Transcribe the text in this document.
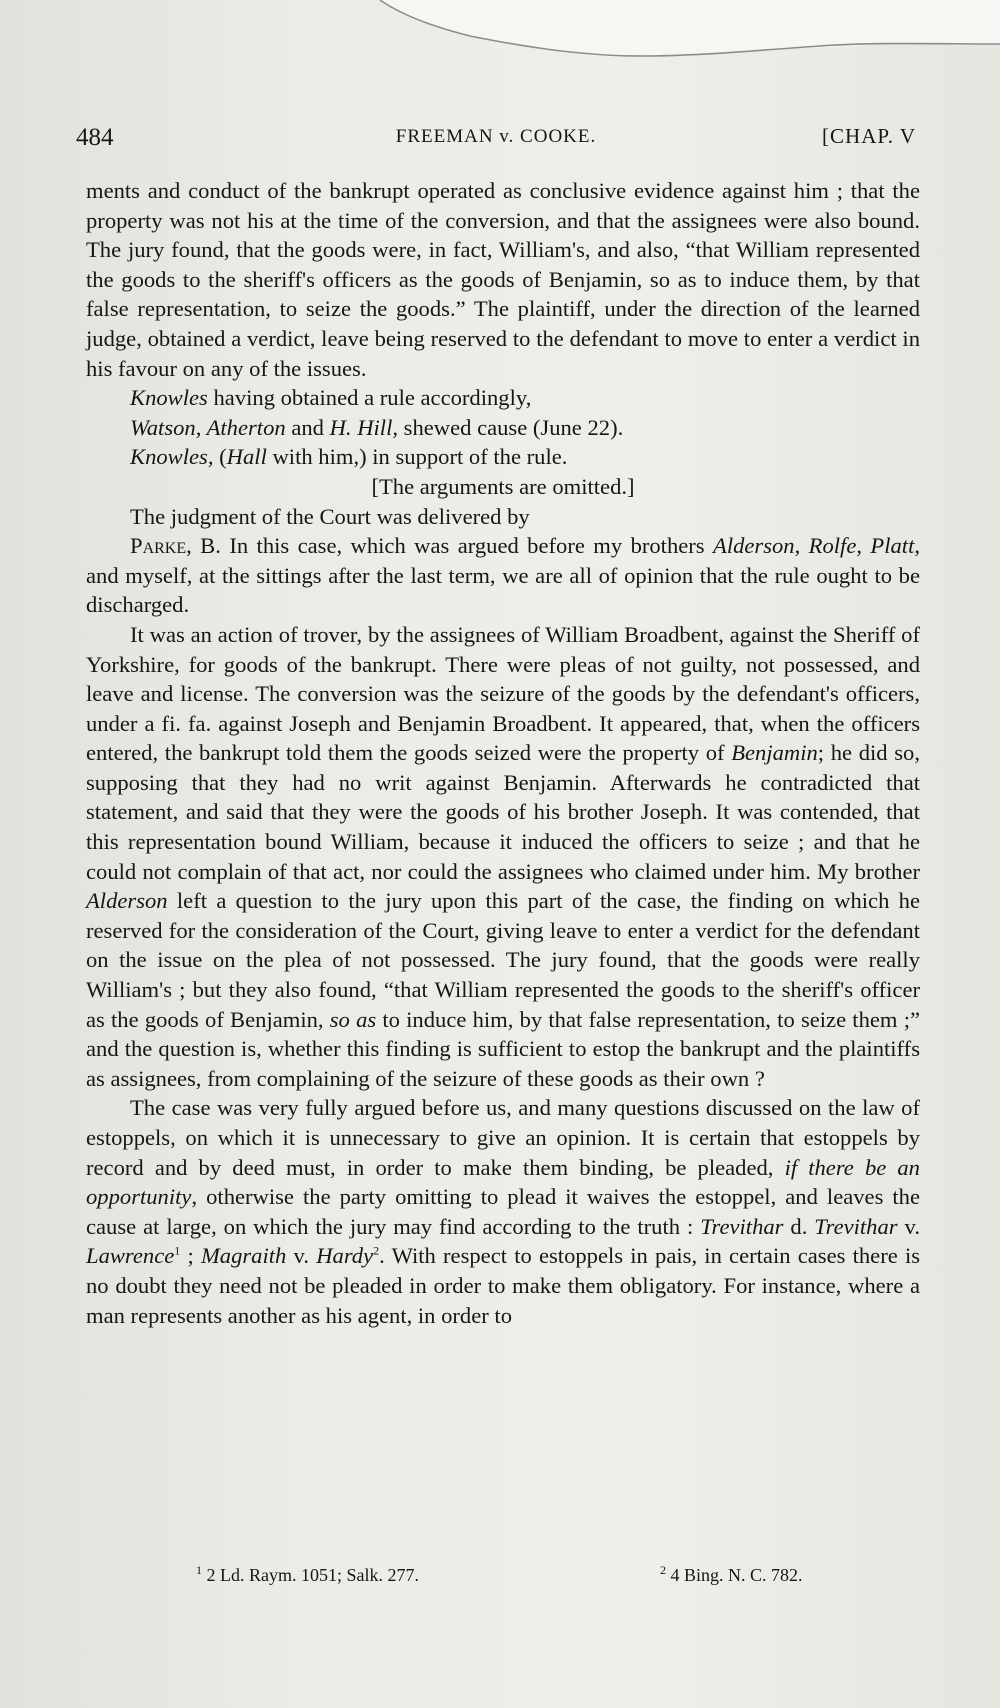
484	FREEMAN v. COOKE.	[CHAP. V

ments and conduct of the bankrupt operated as conclusive evidence against him ; that the property was not his at the time of the conversion, and that the assignees were also bound. The jury found, that the goods were, in fact, William's, and also, “that William represented the goods to the sheriff's officers as the goods of Benjamin, so as to induce them, by that false representation, to seize the goods.” The plaintiff, under the direction of the learned judge, obtained a verdict, leave being reserved to the defendant to move to enter a verdict in his favour on any of the issues.

Knowles having obtained a rule accordingly,

Watson, Atherton and H. Hill, shewed cause (June 22).

Knowles, (Hall with him,) in support of the rule.

[The arguments are omitted.]

The judgment of the Court was delivered by

Parke, B. In this case, which was argued before my brothers Alderson, Rolfe, Platt, and myself, at the sittings after the last term, we are all of opinion that the rule ought to be discharged.

It was an action of trover, by the assignees of William Broadbent, against the Sheriff of Yorkshire, for goods of the bankrupt. There were pleas of not guilty, not possessed, and leave and license. The conversion was the seizure of the goods by the defendant's officers, under a fi. fa. against Joseph and Benjamin Broadbent. It appeared, that, when the officers entered, the bankrupt told them the goods seized were the property of Benjamin; he did so, supposing that they had no writ against Benjamin. Afterwards he contradicted that statement, and said that they were the goods of his brother Joseph. It was contended, that this representation bound William, because it induced the officers to seize ; and that he could not complain of that act, nor could the assignees who claimed under him. My brother Alderson left a question to the jury upon this part of the case, the finding on which he reserved for the consideration of the Court, giving leave to enter a verdict for the defendant on the issue on the plea of not possessed. The jury found, that the goods were really William's ; but they also found, “that William represented the goods to the sheriff's officer as the goods of Benjamin, so as to induce him, by that false representation, to seize them ;” and the question is, whether this finding is sufficient to estop the bankrupt and the plaintiffs as assignees, from complaining of the seizure of these goods as their own ?

The case was very fully argued before us, and many questions discussed on the law of estoppels, on which it is unnecessary to give an opinion. It is certain that estoppels by record and by deed must, in order to make them binding, be pleaded, if there be an opportunity, otherwise the party omitting to plead it waives the estoppel, and leaves the cause at large, on which the jury may find according to the truth : Trevithar d. Trevithar v. Lawrence$^1$ ; Magraith v. Hardy$^2$. With respect to estoppels in pais, in certain cases there is no doubt they need not be pleaded in order to make them obligatory. For instance, where a man represents another as his agent, in order to

$^1$ 2 Ld. Raym. 1051; Salk. 277.	$^2$ 4 Bing. N. C. 782.
